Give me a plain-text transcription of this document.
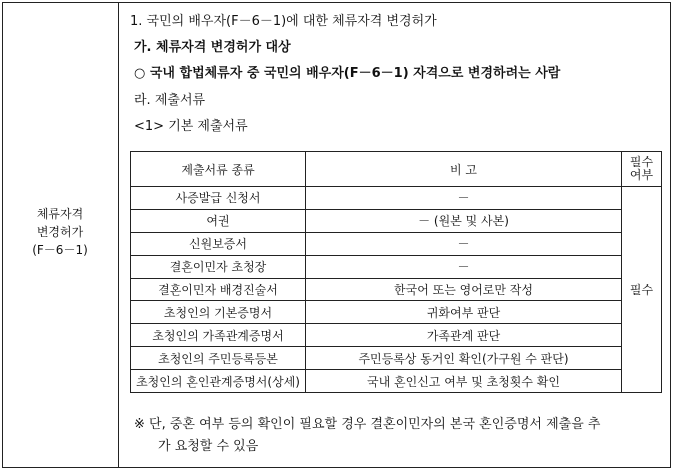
체류자격
변경허가
(F－6－1)
1. 국민의 배우자(F－6－1)에 대한 체류자격 변경허가
가. 체류자격 변경허가 대상
○ 국내 합법체류자 중 국민의 배우자(F－6－1) 자격으로 변경하려는 사람
라. 제출서류
<1> 기본 제출서류
제출서류 종류	비 고	필수
여부

사증발급 신청서	－	필수
여권	－ (원본 및 사본)	
신원보증서	－	
결혼이민자 초청장	－	
결혼이민자 배경진술서	한국어 또는 영어로만 작성	
초청인의 기본증명서	귀화여부 판단	
초청인의 가족관계증명서	가족관계 판단	
초청인의 주민등록등본	주민등록상 동거인 확인(가구원 수 판단)	
초청인의 혼인관계증명서(상세)	국내 혼인신고 여부 및 초청횟수 확인	
※ 단, 중혼 여부 등의 확인이 필요할 경우 결혼이민자의 본국 혼인증명서 제출을 추
가 요청할 수 있음
